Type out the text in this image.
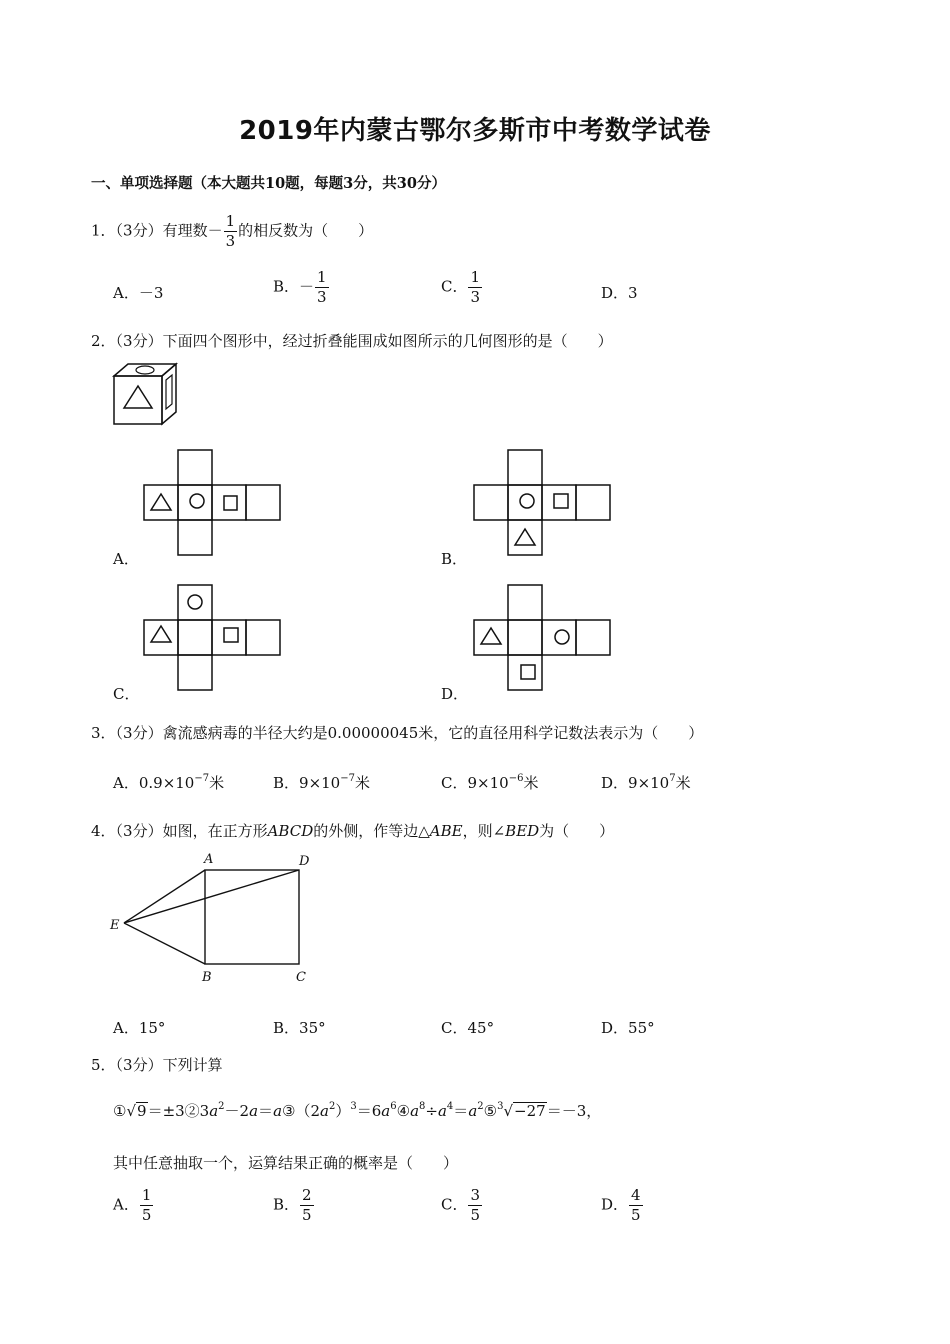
2019年内蒙古鄂尔多斯市中考数学试卷
一、单项选择题（本大题共10题，每题3分，共30分）
1．（3分）有理数－ $\frac{1}{3}$ 的相反数为（　　）
A．－3	B．－ $\frac{1}{3}$	C． $\frac{1}{3}$	D．3
2．（3分）下面四个图形中，经过折叠能围成如图所示的几何图形的是（　　）
A．	B．
C．	D．
3．（3分）禽流感病毒的半径大约是0.00000045米，它的直径用科学记数法表示为（　　）
A．$0.9\times 10^{-7}$米	B．$9\times 10^{-7}$米	C．$9\times 10^{-6}$米	D．$9\times 10^7$米
4．（3分）如图，在正方形ABCD的外侧，作等边△ABE，则∠BED为（　　）
A	D
E
B	C
A．15°	B．35°	C．45°	D．55°
5．（3分）下列计算
$①√9=\pm 3②3a^2-2a=a③(2a^2)^3=6a^6④a^8\div a^4=a^2⑤^3√-27=-3$，
其中任意抽取一个，运算结果正确的概率是（　　）
A． $\frac{1}{5}$	B． $\frac{2}{5}$	C． $\frac{3}{5}$	D． $\frac{4}{5}$
